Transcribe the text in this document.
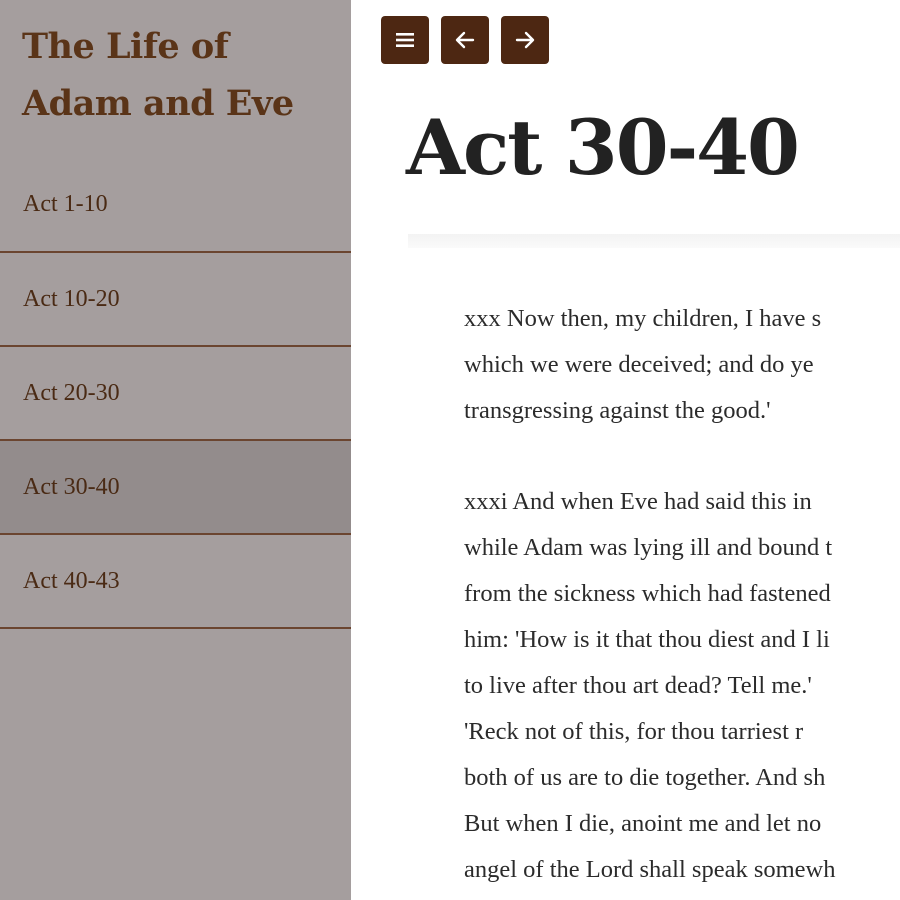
The Life of Adam and Eve
Act 1-10
Act 10-20
Act 20-30
Act 30-40
Act 40-43
Act 30-40
xxx Now then, my children, I have s
which we were deceived; and do ye
transgressing against the good.'
xxxi And when Eve had said this in
while Adam was lying ill and bound t
from the sickness which had fastened
him: 'How is it that thou diest and I li
to live after thou art dead? Tell me.'
'Reck not of this, for thou tarriest r
both of us are to die together. And sh
But when I die, anoint me and let no
angel of the Lord shall speak somewh
